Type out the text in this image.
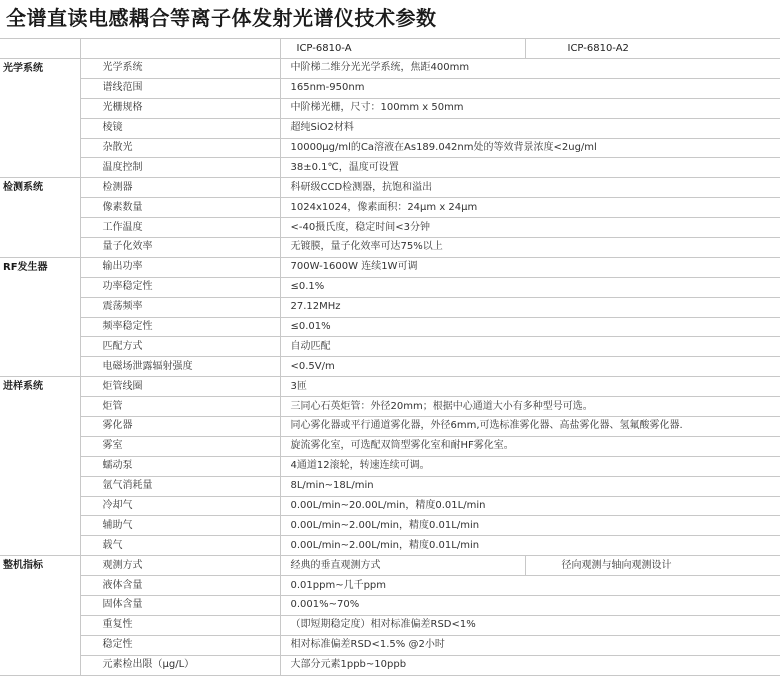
全谱直读电感耦合等离子体发射光谱仪技术参数
		ICP-6810-A	ICP-6810-A2
光学系统	光学系统	中阶梯二维分光光学系统，焦距400mm	
	谱线范围	165nm-950nm	
	光栅规格	中阶梯光栅，尺寸：100mm x 50mm	
	棱镜	超纯SiO2材料	
	杂散光	10000μg/ml的Ca溶液在As189.042nm处的等效背景浓度<2ug/ml	
	温度控制	38±0.1℃，温度可设置	
检测系统	检测器	科研级CCD检测器，抗饱和溢出	
	像素数量	1024x1024，像素面积：24μm x 24μm	
	工作温度	<-40摄氏度，稳定时间<3分钟	
	量子化效率	无镀膜，量子化效率可达75%以上	
RF发生器	输出功率	700W-1600W 连续1W可调	
	功率稳定性	≤0.1%	
	震荡频率	27.12MHz	
	频率稳定性	≤0.01%	
	匹配方式	自动匹配	
	电磁场泄露辐射强度	<0.5V/m	
进样系统	炬管线圈	3匝	
	炬管	三同心石英炬管：外径20mm；根据中心通道大小有多种型号可选。	
	雾化器	同心雾化器或平行通道雾化器，外径6mm,可选标准雾化器、高盐雾化器、氢氟酸雾化器.	
	雾室	旋流雾化室，可选配双筒型雾化室和耐HF雾化室。	
	蠕动泵	4通道12滚轮，转速连续可调。	
	氩气消耗量	8L/min~18L/min	
	冷却气	0.00L/min~20.00L/min，精度0.01L/min	
	辅助气	0.00L/min~2.00L/min，精度0.01L/min	
	载气	0.00L/min~2.00L/min，精度0.01L/min	
整机指标	观测方式	经典的垂直观测方式	径向观测与轴向观测设计
	液体含量	0.01ppm~几千ppm	
	固体含量	0.001%~70%	
	重复性	（即短期稳定度）相对标准偏差RSD<1%	
	稳定性	相对标准偏差RSD<1.5% @2小时	
	元素检出限（μg/L）	大部分元素1ppb~10ppb	
